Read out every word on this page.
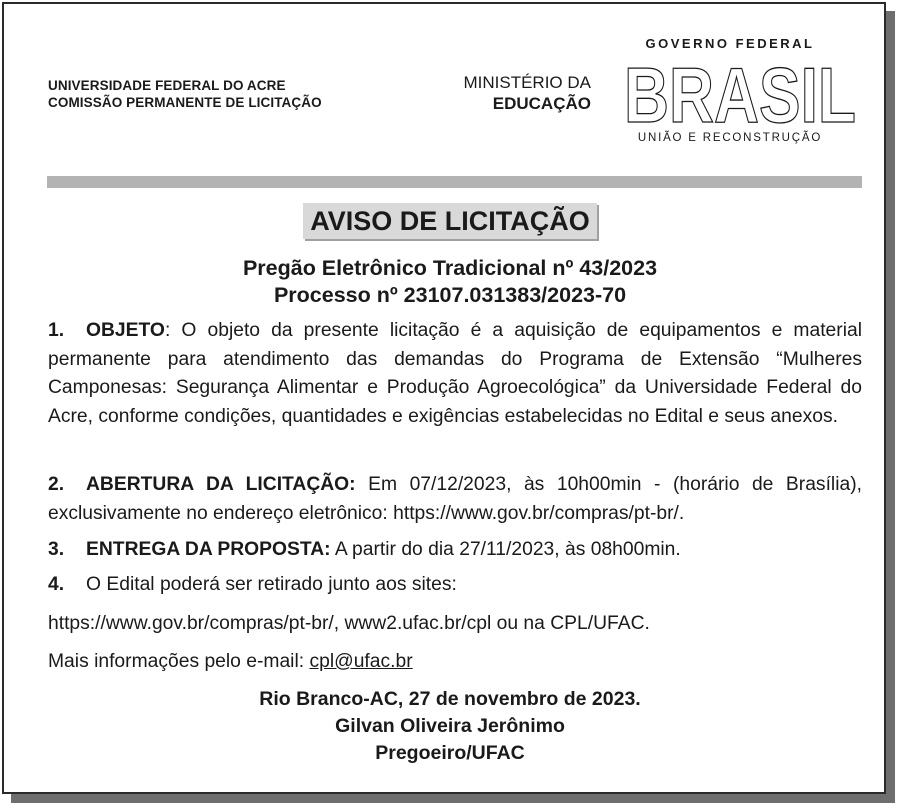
UNIVERSIDADE FEDERAL DO ACRE
COMISSÃO PERMANENTE DE LICITAÇÃO
MINISTÉRIO DA
EDUCAÇÃO
GOVERNO FEDERAL
BRASIL
UNIÃO E RECONSTRUÇÃO
AVISO DE LICITAÇÃO
Pregão Eletrônico Tradicional nº 43/2023
Processo nº 23107.031383/2023-70
1. OBJETO: O objeto da presente licitação é a aquisição de equipamentos e material permanente para atendimento das demandas do Programa de Extensão “Mulheres Camponesas: Segurança Alimentar e Produção Agroecológica” da Universidade Federal do Acre, conforme condições, quantidades e exigências estabelecidas no Edital e seus anexos.
2. ABERTURA DA LICITAÇÃO: Em 07/12/2023, às 10h00min - (horário de Brasília), exclusivamente no endereço eletrônico: https://www.gov.br/compras/pt-br/.
3. ENTREGA DA PROPOSTA: A partir do dia 27/11/2023, às 08h00min.
4. O Edital poderá ser retirado junto aos sites:
https://www.gov.br/compras/pt-br/, www2.ufac.br/cpl ou na CPL/UFAC.
Mais informações pelo e-mail: cpl@ufac.br
Rio Branco-AC, 27 de novembro de 2023.
Gilvan Oliveira Jerônimo
Pregoeiro/UFAC
